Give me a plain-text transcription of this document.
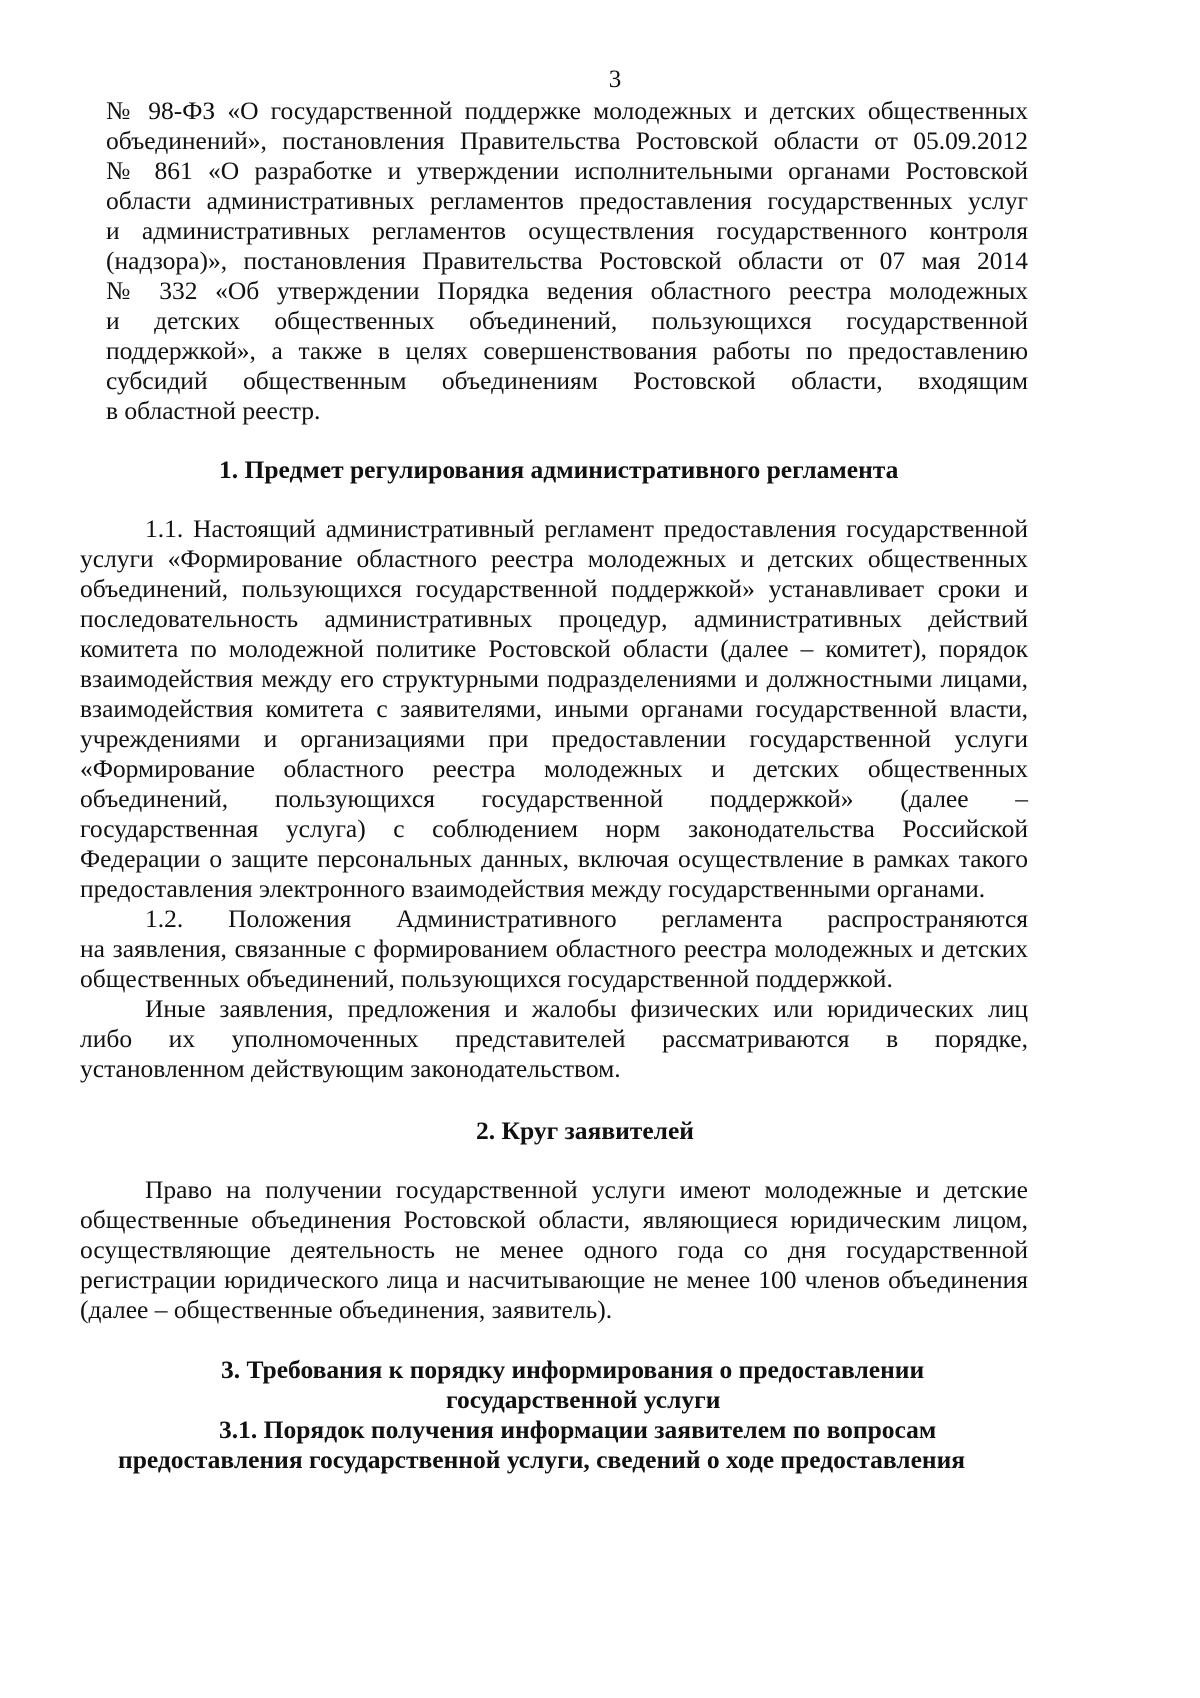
3
№ 98-ФЗ «О государственной поддержке молодежных и детских общественных
объединений», постановления Правительства Ростовской области от 05.09.2012
№ 861 «О разработке и утверждении исполнительными органами Ростовской
области административных регламентов предоставления государственных услуг
и административных регламентов осуществления государственного контроля
(надзора)», постановления Правительства Ростовской области от 07 мая 2014
№ 332 «Об утверждении Порядка ведения областного реестра молодежных
и детских общественных объединений, пользующихся государственной
поддержкой», а также в целях совершенствования работы по предоставлению
субсидий общественным объединениям Ростовской области, входящим
в областной реестр.
1. Предмет регулирования административного регламента
1.1. Настоящий административный регламент предоставления государственной
услуги «Формирование областного реестра молодежных и детских общественных
объединений, пользующихся государственной поддержкой» устанавливает сроки и
последовательность административных процедур, административных действий
комитета по молодежной политике Ростовской области (далее – комитет), порядок
взаимодействия между его структурными подразделениями и должностными лицами,
взаимодействия комитета с заявителями, иными органами государственной власти,
учреждениями и организациями при предоставлении государственной услуги
«Формирование областного реестра молодежных и детских общественных
объединений, пользующихся государственной поддержкой» (далее –
государственная услуга) с соблюдением норм законодательства Российской
Федерации о защите персональных данных, включая осуществление в рамках такого
предоставления электронного взаимодействия между государственными органами.
1.2. Положения Административного регламента распространяются
на заявления, связанные с формированием областного реестра молодежных и детских
общественных объединений, пользующихся государственной поддержкой.
Иные заявления, предложения и жалобы физических или юридических лиц
либо их уполномоченных представителей рассматриваются в порядке,
установленном действующим законодательством.
2. Круг заявителей
Право на получении государственной услуги имеют молодежные и детские
общественные объединения Ростовской области, являющиеся юридическим лицом,
осуществляющие деятельность не менее одного года со дня государственной
регистрации юридического лица и насчитывающие не менее 100 членов объединения
(далее – общественные объединения, заявитель).
3. Требования к порядку информирования о предоставлении
государственной услуги
3.1. Порядок получения информации заявителем по вопросам
предоставления государственной услуги, сведений о ходе предоставления
